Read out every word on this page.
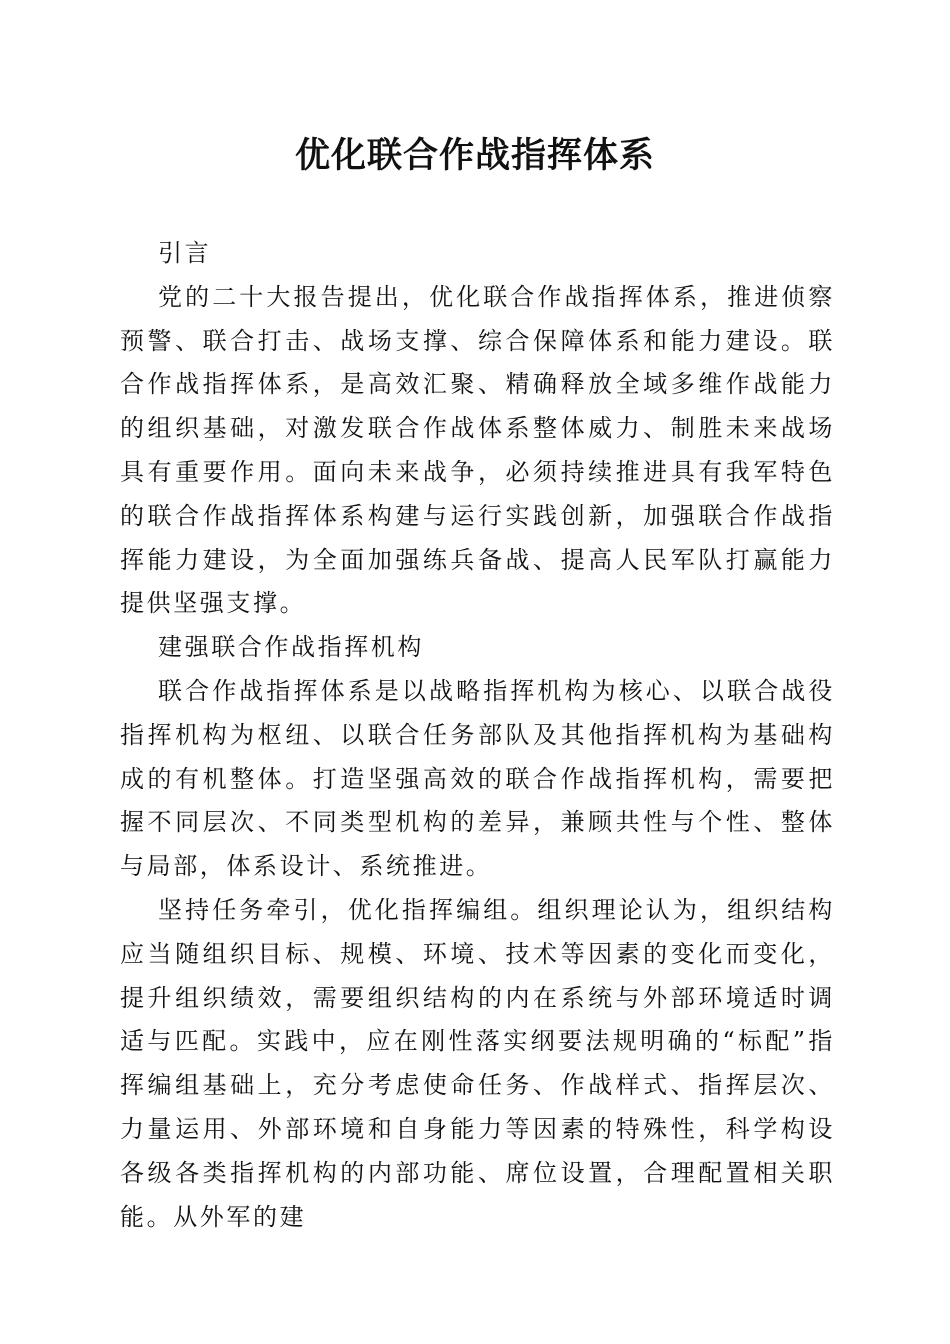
优化联合作战指挥体系

引言

党的二十大报告提出，优化联合作战指挥体系，推进侦察预警、联合打击、战场支撑、综合保障体系和能力建设。联合作战指挥体系，是高效汇聚、精确释放全域多维作战能力的组织基础，对激发联合作战体系整体威力、制胜未来战场具有重要作用。面向未来战争，必须持续推进具有我军特色的联合作战指挥体系构建与运行实践创新，加强联合作战指挥能力建设，为全面加强练兵备战、提高人民军队打赢能力提供坚强支撑。

建强联合作战指挥机构

联合作战指挥体系是以战略指挥机构为核心、以联合战役指挥机构为枢纽、以联合任务部队及其他指挥机构为基础构成的有机整体。打造坚强高效的联合作战指挥机构，需要把握不同层次、不同类型机构的差异，兼顾共性与个性、整体与局部，体系设计、系统推进。

坚持任务牵引，优化指挥编组。组织理论认为，组织结构应当随组织目标、规模、环境、技术等因素的变化而变化，提升组织绩效，需要组织结构的内在系统与外部环境适时调适与匹配。实践中，应在刚性落实纲要法规明确的“标配”指挥编组基础上，充分考虑使命任务、作战样式、指挥层次、力量运用、外部环境和自身能力等因素的特殊性，科学构设各级各类指挥机构的内部功能、席位设置，合理配置相关职能。从外军的建
